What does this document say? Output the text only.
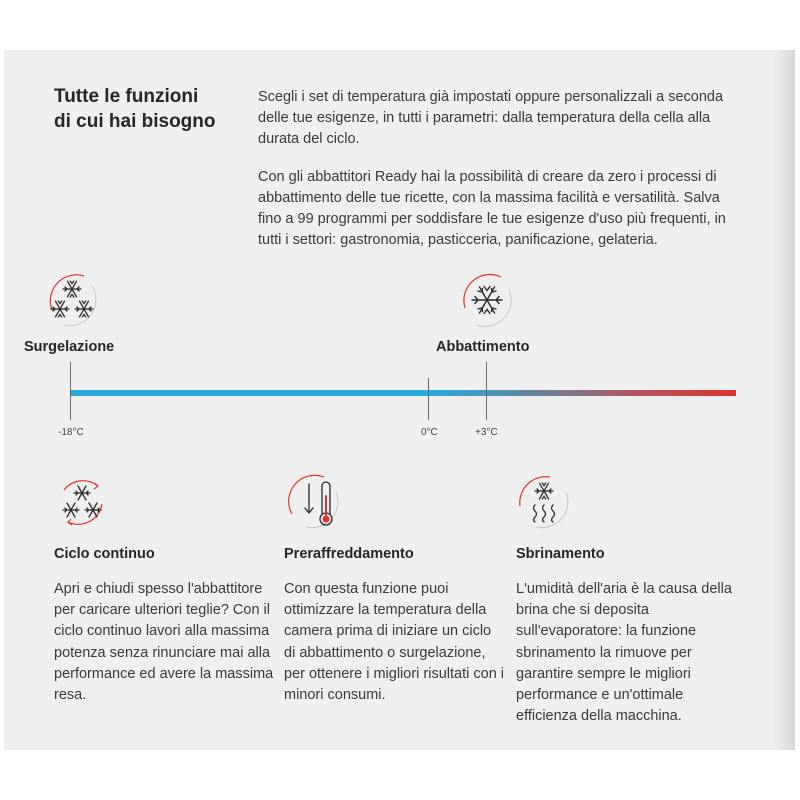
Tutte le funzioni
di cui hai bisogno

Scegli i set di temperatura già impostati oppure personalizzali a seconda delle tue esigenze, in tutti i parametri: dalla temperatura della cella alla durata del ciclo.

Con gli abbattitori Ready hai la possibilità di creare da zero i processi di abbattimento delle tue ricette, con la massima facilità e versatilità. Salva fino a 99 programmi per soddisfare le tue esigenze d'uso più frequenti, in tutti i settori: gastronomia, pasticceria, panificazione, gelateria.

Surgelazione	Abbattimento
-18°C	0°C	+3°C
Ciclo continuo

Apri e chiudi spesso l'abbattitore per caricare ulteriori teglie? Con il ciclo continuo lavori alla massima potenza senza rinunciare mai alla performance ed avere la massima resa.

Preraffreddamento

Con questa funzione puoi ottimizzare la temperatura della camera prima di iniziare un ciclo di abbattimento o surgelazione, per ottenere i migliori risultati con i minori consumi.

Sbrinamento

L'umidità dell'aria è la causa della brina che si deposita sull'evaporatore: la funzione sbrinamento la rimuove per garantire sempre le migliori performance e un'ottimale efficienza della macchina.
